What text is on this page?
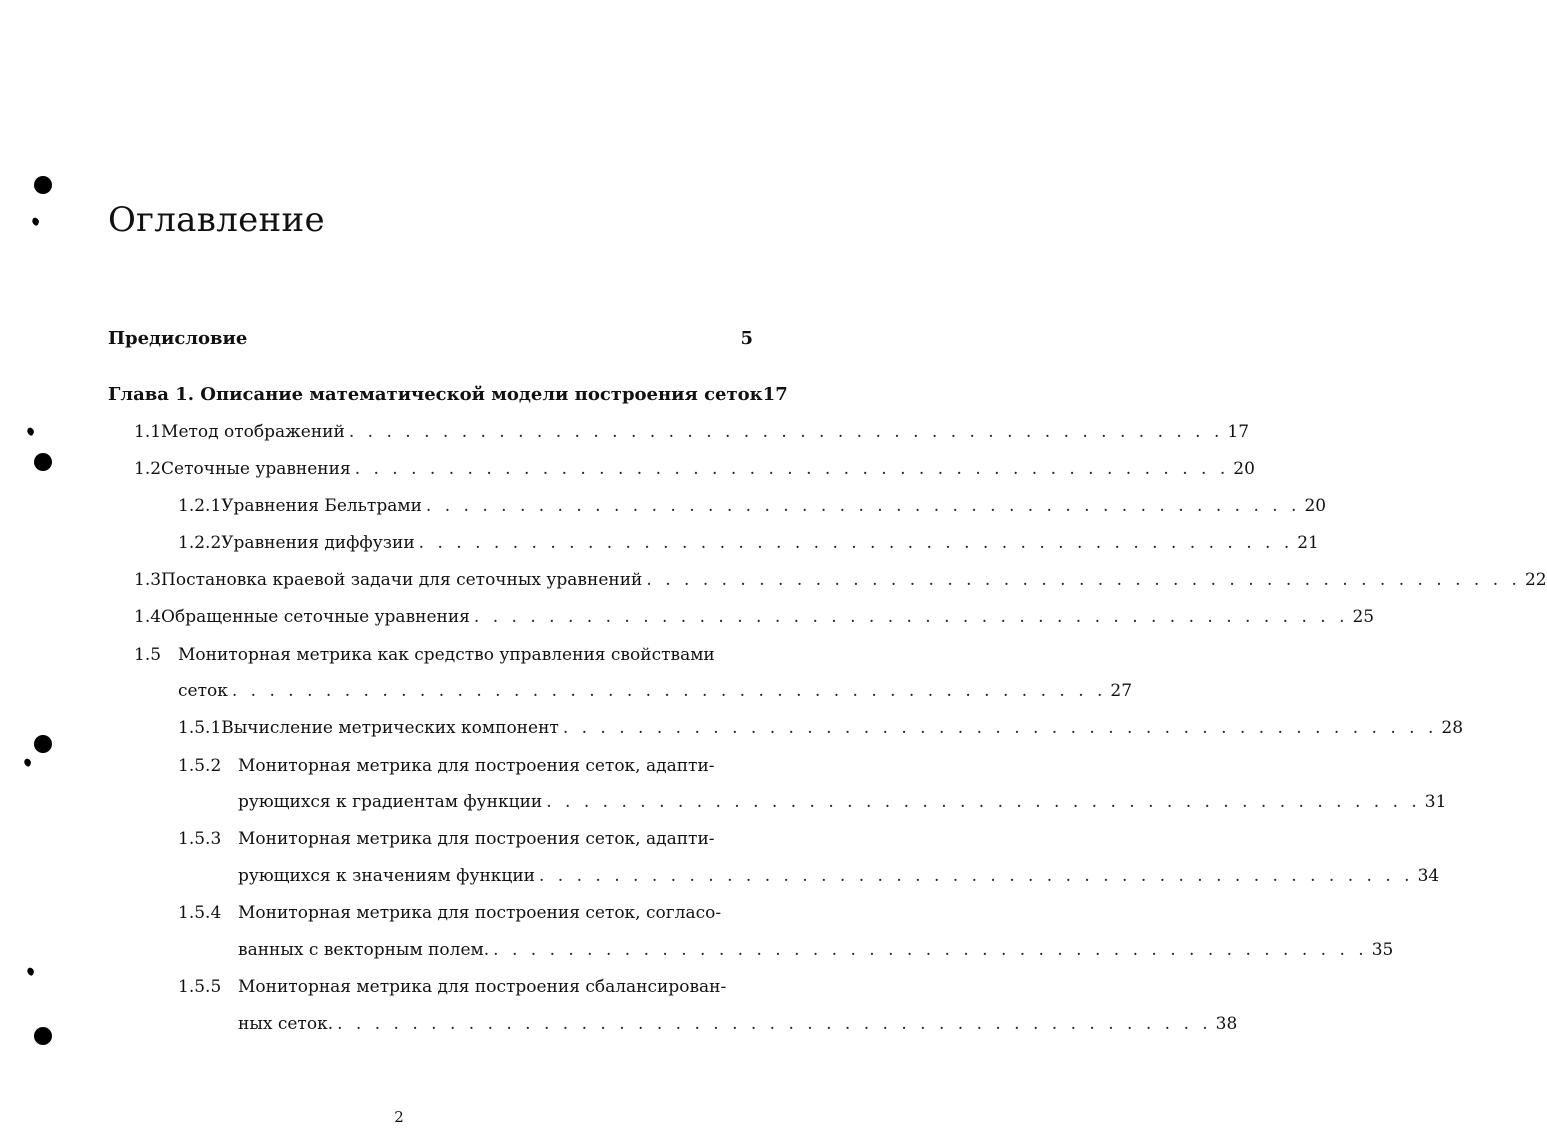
Оглавление
Предисловие	5
Глава 1. Описание математической модели построения сеток 17
1.1 Метод отображений . . . . . . . . . . . . . . . . . . . . . . . . . . . . . . . . . . . . . . . . . . . . . . . 17
1.2 Сеточные уравнения . . . . . . . . . . . . . . . . . . . . . . . . . . . . . . . . . . . . . . . . . . . . . . . 20
1.2.1 Уравнения Бельтрами . . . . . . . . . . . . . . . . . . . . . . . . . . . . . . . . . . . . . . . . . . . . . . . 20
1.2.2 Уравнения диффузии . . . . . . . . . . . . . . . . . . . . . . . . . . . . . . . . . . . . . . . . . . . . . . . 21
1.3 Постановка краевой задачи для сеточных уравнений . . . . . . . . . . . . . . . . . . . . . . . . . . . . . . . . . . . . . . . . . . . . . . . 22
1.4 Обращенные сеточные уравнения . . . . . . . . . . . . . . . . . . . . . . . . . . . . . . . . . . . . . . . . . . . . . . . 25
1.5 Мониторная метрика как средство управления свойствами
сеток . . . . . . . . . . . . . . . . . . . . . . . . . . . . . . . . . . . . . . . . . . . . . . . 27
1.5.1 Вычисление метрических компонент . . . . . . . . . . . . . . . . . . . . . . . . . . . . . . . . . . . . . . . . . . . . . . . 28
1.5.2 Мониторная метрика для построения сеток, адапти-
рующихся к градиентам функции . . . . . . . . . . . . . . . . . . . . . . . . . . . . . . . . . . . . . . . . . . . . . . . 31
1.5.3 Мониторная метрика для построения сеток, адапти-
рующихся к значениям функции . . . . . . . . . . . . . . . . . . . . . . . . . . . . . . . . . . . . . . . . . . . . . . . 34
1.5.4 Мониторная метрика для построения сеток, согласо-
ванных с векторным полем. . . . . . . . . . . . . . . . . . . . . . . . . . . . . . . . . . . . . . . . . . . . . . . . 35
1.5.5 Мониторная метрика для построения сбалансирован-
ных сеток. . . . . . . . . . . . . . . . . . . . . . . . . . . . . . . . . . . . . . . . . . . . . . . . 38
2
